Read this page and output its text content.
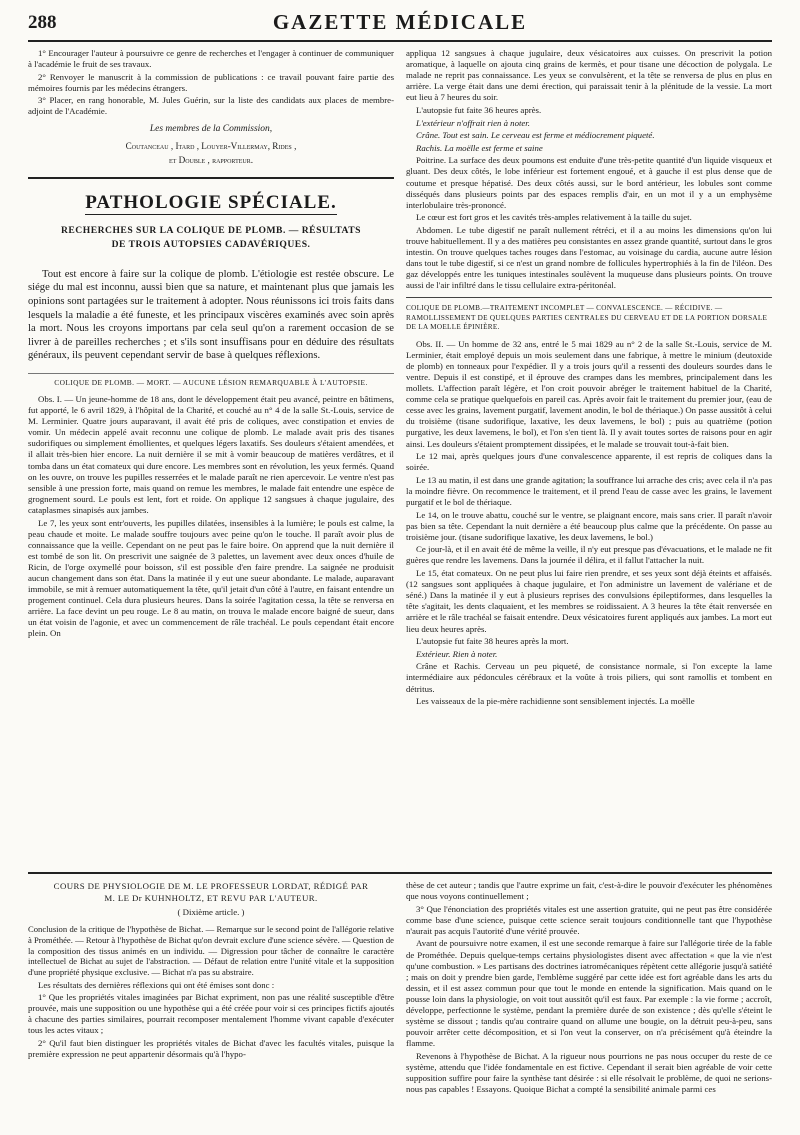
288	GAZETTE MÉDICALE

1° Encourager l'auteur à poursuivre ce genre de recherches et l'engager à continuer de communiquer à l'académie le fruit de ses travaux.

2° Renvoyer le manuscrit à la commission de publications : ce travail pouvant faire partie des mémoires fournis par les médecins étrangers.

3° Placer, en rang honorable, M. Jules Guérin, sur la liste des candidats aux places de membre-adjoint de l'Académie.

Les membres de la Commission,
Coutanceau , Itard , Louyer-Villermay, Rides ,
et Double , rapporteur.
PATHOLOGIE SPÉCIALE.
RECHERCHES SUR LA COLIQUE DE PLOMB. — RÉSULTATS
DE TROIS AUTOPSIES CADAVÉRIQUES.

Tout est encore à faire sur la colique de plomb. L'étiologie est restée obscure. Le siége du mal est inconnu, aussi bien que sa nature, et maintenant plus que jamais les opinions sont partagées sur le traitement à adopter. Nous réunissons ici trois faits dans lesquels la maladie a été funeste, et les principaux viscères examinés avec soin après la mort. Nous les croyons importans par cela seul qu'on a rarement occasion de se livrer à de pareilles recherches ; et s'ils sont insuffisans pour en déduire des résultats généraux, ils peuvent cependant servir de base à quelques réflexions.

COLIQUE DE PLOMB. — MORT. — AUCUNE LÉSION REMARQUABLE À L'AUTOPSIE.

Obs. I. — Un jeune-homme de 18 ans, dont le développement était peu avancé, peintre en bâtimens, fut apporté, le 6 avril 1829, à l'hôpital de la Charité, et couché au n° 4 de la salle St.-Louis, service de M. Lerminier. Quatre jours auparavant, il avait été pris de coliques, avec constipation et envies de vomir. Un médecin appelé avait reconnu une colique de plomb. Le malade avait pris des tisanes sudorifiques ou simplement émollientes, et quelques légers laxatifs. Ses douleurs s'étaient amendées, et il allait très-bien hier encore. La nuit dernière il se mit à vomir beaucoup de matières verdâtres, et il tomba dans un état comateux qui dure encore. Les membres sont en révolution, les yeux fermés. Quand on les ouvre, on trouve les pupilles resserrées et le malade paraît ne rien apercevoir. Le ventre n'est pas sensible à une pression forte, mais quand on remue les membres, le malade fait entendre une espèce de grognement sourd. Le pouls est lent, fort et roide. On applique 12 sangsues à chaque jugulaire, des cataplasmes sinapisés aux jambes.

Le 7, les yeux sont entr'ouverts, les pupilles dilatées, insensibles à la lumière; le pouls est calme, la peau chaude et moite. Le malade souffre toujours avec peine qu'on le touche. Il paraît avoir plus de connaissance que la veille. Cependant on ne peut pas le faire boire. On apprend que la nuit dernière il est tombé de son lit. On prescrivit une saignée de 3 palettes, un lavement avec deux onces d'huile de Ricin, de l'orge oxymellé pour boisson, s'il est possible d'en faire prendre. La saignée ne produisit aucun changement dans son état. Dans la matinée il y eut une sueur abondante. Le malade, auparavant immobile, se mit à remuer automatiquement la tête, qu'il jetait d'un côté à l'autre, en faisant entendre un progement continuel. Cela dura plusieurs heures. Dans la soirée l'agitation cessa, la tête se renversa en arrière. La face devint un peu rouge. Le 8 au matin, on trouva le malade encore baigné de sueur, dans un état voisin de l'agonie, et avec un commencement de râle trachéal. Le pouls cependant était encore plein. On

appliqua 12 sangsues à chaque jugulaire, deux vésicatoires aux cuisses. On prescrivit la potion aromatique, à laquelle on ajouta cinq grains de kermès, et pour tisane une décoction de polygala. Le malade ne reprit pas connaissance. Les yeux se convulsèrent, et la tête se renversa de plus en plus en arrière. La verge était dans une demi érection, qui paraissait tenir à la plénitude de la vessie. La mort eut lieu à 7 heures du soir.

L'autopsie fut faite 36 heures après.

L'extérieur n'offrait rien à noter.

Crâne. Tout est sain. Le cerveau est ferme et médiocrement piqueté.

Rachis. La moëlle est ferme et saine

Poitrine. La surface des deux poumons est enduite d'une très-petite quantité d'un liquide visqueux et gluant. Des deux côtés, le lobe inférieur est fortement engoué, et à gauche il est plus dense que de coutume et presque hépatisé. Des deux côtés aussi, sur le bord antérieur, les lobules sont comme disséqués dans plusieurs points par des espaces remplis d'air, en un mot il y a un emphysème interlobulaire très-prononcé.

Le cœur est fort gros et les cavités très-amples relativement à la taille du sujet.

Abdomen. Le tube digestif ne paraît nullement rétréci, et il a au moins les dimensions qu'on lui trouve habituellement. Il y a des matières peu consistantes en assez grande quantité, surtout dans le gros intestin. On trouve quelques taches rouges dans l'estomac, au voisinage du cardia, aucune autre lésion dans tout le tube digestif, si ce n'est un grand nombre de follicules hypertrophiés à la fin de l'iléon. Des gaz développés entre les tuniques intestinales soulèvent la muqueuse dans plusieurs points. On trouve aussi de l'air infiltré dans le tissu cellulaire extra-péritonéal.

COLIQUE DE PLOMB.—TRAITEMENT INCOMPLET — CONVALESCENCE. — RÉCIDIVE. — RAMOLLISSEMENT DE QUELQUES PARTIES CENTRALES DU CERVEAU ET DE LA PORTION DORSALE DE LA MOELLE ÉPINIÈRE.

Obs. II. — Un homme de 32 ans, entré le 5 mai 1829 au n° 2 de la salle St.-Louis, service de M. Lerminier, était employé depuis un mois seulement dans une fabrique, à mettre le minium (deutoxide de plomb) en tonneaux pour l'expédier. Il y a trois jours qu'il a ressenti des douleurs sourdes dans le ventre. Depuis il est constipé, et il éprouve des crampes dans les membres, principalement dans les mollets. L'affection paraît légère, et l'on croit pouvoir abréger le traitement habituel de la Charité, comme cela se pratique quelquefois en pareil cas. Après avoir fait le traitement du premier jour, (eau de cesse avec les grains, lavement purgatif, lavement anodin, le bol de thériaque.) On passe aussitôt à celui du troisième (tisane sudorifique, laxative, les deux lavemens, le bol) ; puis au quatrième (potion purgative, les deux lavemens, le bol), et l'on s'en tient là. Il y avait toutes sortes de raisons pour en agir ainsi. Les douleurs s'étaient promptement dissipées, et le malade se trouvait tout-à-fait bien.

Le 12 mai, après quelques jours d'une convalescence apparente, il est repris de coliques dans la soirée.

Le 13 au matin, il est dans une grande agitation; la souffrance lui arrache des cris; avec cela il n'a pas la moindre fièvre. On recommence le traitement, et il prend l'eau de casse avec les grains, le lavement purgatif et le bol de thériaque.

Le 14, on le trouve abattu, couché sur le ventre, se plaignant encore, mais sans crier. Il paraît n'avoir pas bien sa tête. Cependant la nuit dernière a été beaucoup plus calme que la précédente. On passe au troisième jour. (tisane sudorifique laxative, les deux lavemens, le bol.)

Ce jour-là, et il en avait été de même la veille, il n'y eut presque pas d'évacuations, et le malade ne fit guères que rendre les lavemens. Dans la journée il délira, et il fallut l'attacher la nuit.

Le 15, état comateux. On ne peut plus lui faire rien prendre, et ses yeux sont déjà éteints et affaisés. (12 sangsues sont appliquées à chaque jugulaire, et l'on administre un lavement de valériane et de séné.) Dans la matinée il y eut à plusieurs reprises des convulsions épileptiformes, dans lesquelles la tête s'agitait, les dents claquaient, et les membres se roidissaient. A 3 heures la tête était renversée en arrière et le râle trachéal se faisait entendre. Deux vésicatoires furent appliqués aux jambes. La mort eut lieu deux heures après.

L'autopsie fut faite 38 heures après la mort.

Extérieur. Rien à noter.

Crâne et Rachis. Cerveau un peu piqueté, de consistance normale, si l'on excepte la lame intermédiaire aux pédoncules cérébraux et la voûte à trois piliers, qui sont ramollis et tombent en détritus.

Les vaisseaux de la pie-mère rachidienne sont sensiblement injectés. La moëlle

COURS DE PHYSIOLOGIE DE M. LE PROFESSEUR LORDAT, RÉDIGÉ PAR
M. LE Dr KUHNHOLTZ, ET REVU PAR L'AUTEUR.
( Dixième article. )

Conclusion de la critique de l'hypothèse de Bichat. — Remarque sur le second point de l'allégorie relative à Prométhée. — Retour à l'hypothèse de Bichat qu'on devrait exclure d'une science sévère. — Question de la composition des tissus animés en un individu. — Digression pour tâcher de connaître le caractère intellectuel de Bichat au sujet de l'abstraction. — Défaut de relation entre l'unité vitale et la supposition d'une propriété physique exclusive. — Bichat n'a pas su abstraire.

Les résultats des dernières réflexions qui ont été émises sont donc :

1° Que les propriétés vitales imaginées par Bichat expriment, non pas une réalité susceptible d'être prouvée, mais une supposition ou une hypothèse qui a été créée pour voir si ces principes fictifs ajoutés à chacune des parties similaires, pourrait recomposer mentalement l'homme vivant capable d'exécuter tous les actes vitaux ;

2° Qu'il faut bien distinguer les propriétés vitales de Bichat d'avec les facultés vitales, puisque la première expression ne peut appartenir désormais qu'à l'hypo-

thèse de cet auteur ; tandis que l'autre exprime un fait, c'est-à-dire le pouvoir d'exécuter les phénomènes que nous voyons continuellement ;

3° Que l'énonciation des propriétés vitales est une assertion gratuite, qui ne peut pas être considérée comme base d'une science, puisque cette science serait toujours conditionnelle tant que l'hypothèse n'aurait pas acquis l'autorité d'une vérité prouvée.

Avant de poursuivre notre examen, il est une seconde remarque à faire sur l'allégorie tirée de la fable de Prométhée. Depuis quelque-temps certains physiologistes disent avec affectation « que la vie n'est qu'une combustion. » Les partisans des doctrines iatromécaniques répètent cette allégorie jusqu'à satiété ; mais on doit y prendre bien garde, l'emblème suggéré par cette idée est fort agréable dans les arts du dessin, et il est assez commun pour que tout le monde en entende la signification. Mais quand on le pousse loin dans la physiologie, on voit tout aussitôt qu'il est faux. Par exemple : la vie forme ; accroît, développe, perfectionne le système, pendant la première durée de son existence ; dès qu'elle s'éteint le système se dissout ; tandis qu'au contraire quand on allume une bougie, on la détruit peu-à-peu, sans pouvoir arrêter cette décomposition, et si l'on veut la conserver, on n'a précisément qu'à éteindre la flamme.

Revenons à l'hypothèse de Bichat. A la rigueur nous pourrions ne pas nous occuper du reste de ce système, attendu que l'idée fondamentale en est fictive. Cependant il serait bien agréable de voir cette supposition suffire pour faire la synthèse tant désirée : si elle résolvait le problème, de quoi ne serions-nous pas capables ! Essayons. Quoique Bichat a compté la sensibilité animale parmi ces
